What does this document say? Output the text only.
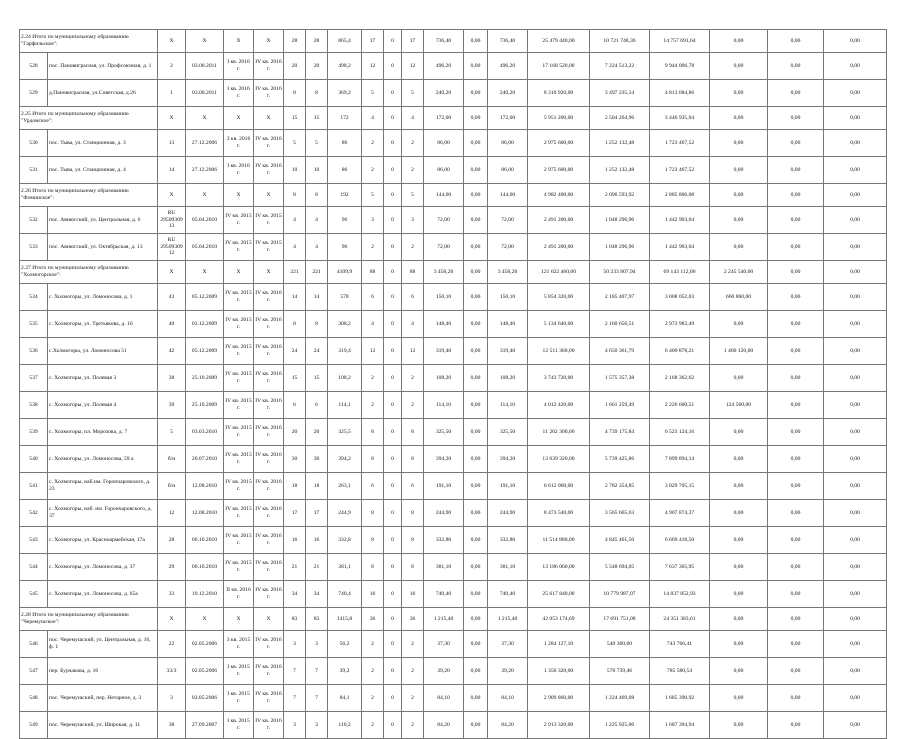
2.24 Итого по муниципальному образованию "Гарфильское":		X	X	X	X	28	28	865,4	17	0	17	736,40	0,00	736,40	25 479 440,00	10 721 748,36	14 757 691,64	0,00	0,00	0,00
528	пос. Пановиграсная, ул. Профсоюзная, д. 1	2	03.08.2011	I кв. 2016 г.	IV кв. 2016 г.	20	20	498,2	12	0	12	496,20	0,00	496,20	17 168 520,00	7 224 513,22	9 944 006,78	0,00	0,00	0,00
529	д.Пановиграсная, ул.Советская, д.26	1	03.08.2011	I кв. 2016 г.	IV кв. 2016 г.	8	8	369,2	5	0	5	240,20	0,00	240,20	8 310 920,00	3 497 235,14	4 813 684,86	0,00	0,00	0,00
2.25 Итого по муниципальному образованию "Урдомское":		X	X	X	X	15	15	172	4	0	4	172,00	0,00	172,00	5 951 200,00	2 504 264,96	3 446 935,04	0,00	0,00	0,00
530	пос. Тыва, ул. Станционная, д. 3	13	27.12.2006	3 кв. 2016 г.	IV кв. 2016 г.	5	5	86	2	0	2	86,00	0,00	86,00	2 975 600,00	1 252 132,48	1 723 467,52	0,00	0,00	0,00
531	пос. Тыва, ул. Станционная, д. 4	14	27.12.2006	I кв. 2016 г.	IV кв. 2016 г.	10	10	86	2	0	2	86,00	0,00	86,00	2 975 600,00	1 252 132,48	1 723 467,52	0,00	0,00	0,00
2.26 Итого по муниципальному образованию "Фоминское":		X	X	X	X	8	8	192	5	0	5	144,00	0,00	144,00	4 982 400,00	2 096 593,92	2 885 806,08	0,00	0,00	0,00
532	пос. Авнюгский, ул. Центральная, д. 6	RU 29509309 13	05.04.2010	IV кв. 2015 г.	IV кв. 2015 г.	4	4	96	3	0	3	72,00	0,00	72,00	2 491 200,00	1 048 296,96	1 442 903,04	0,00	0,00	0,00
533	пос. Авнюгский, ул. Октябрьская, д. 13	RU 29509309 12	05.04.2010	IV кв. 2015 г.	IV кв. 2015 г.	4	4	96	2	0	2	72,00	0,00	72,00	2 491 200,00	1 048 296,96	1 442 903,04	0,00	0,00	0,00
2.27 Итого по муниципальному образованию "Холмогорское":		X	X	X	X	221	221	4109,9	88	0	88	3 450,20	0,00	3 450,20	121 622 460,00	50 233 807,94	69 143 112,06	2 245 540,00	0,00	0,00
534	с. Холмогоры, ул. Ломоносова, д. 1	43	05.12.2009	IV кв. 2015 г.	IV кв. 2016 г.	14	14	578	6	0	6	150,10	0,00	150,10	5 854 320,00	2 185 407,97	3 008 052,03	660 860,00	0,00	0,00
535	с. Холмогоры, ул. Третьякова, д. 16	40	03.12.2009	IV кв. 2015 г.	IV кв. 2016 г.	8	8	308,2	4	0	4	148,40	0,00	148,40	5 134 640,00	2 160 656,51	2 973 983,49	0,00	0,00	0,00
536	с.Холмогоры, ул. Ломоносова 51	42	05.12.2009	IV кв. 2015 г.	IV кв. 2016 г.	24	24	319,4	12	0	12	319,40	0,00	319,40	12 511 360,00	4 650 361,79	6 400 878,21	1 460 120,00	0,00	0,00
537	с. Холмогоры, ул. Полевая 3	38	25.10.2009	IV кв. 2015 г.	IV кв. 2016 г.	15	15	108,2	2	0	2	108,20	0,00	108,20	3 743 720,00	1 575 357,38	2 168 362,62	0,00	0,00	0,00
538	с. Холмогоры, ул. Полевая 4	39	25.10.2009	IV кв. 2015 г.	IV кв. 2016 г.	6	6	114,1	2	0	2	114,10	0,00	114,10	4 012 420,00	1 661 259,49	2 226 600,51	124 560,00	0,00	0,00
539	с. Холмогоры, пл. Морозова, д. 7	5	03.03.2010	IV кв. 2015 г.	IV кв. 2016 г.	20	20	325,5	8	0	8	325,50	0,00	325,50	11 262 300,00	4 739 175,84	6 523 124,16	0,00	0,00	0,00
540	с. Холмогоры, ул. Ломоносова, 59 а	б/н	20.07.2010	IV кв. 2015 г.	IV кв. 2016 г.	30	30	394,2	8	0	8	394,20	0,00	394,20	13 639 320,00	5 739 425,86	7 899 894,14	0,00	0,00	0,00
541	с. Холмогоры, наб.им. Горончаровского, д. 23	б/н	12.08.2010	IV кв. 2015 г.	IV кв. 2016 г.	18	18	263,1	6	0	6	191,10	0,00	191,10	6 612 060,00	2 782 354,85	3 829 705,15	0,00	0,00	0,00
542	с. Холмогоры, наб. им. Горончаровского, д. 37	12	12.08.2010	IV кв. 2015 г.	IV кв. 2016 г.	17	17	244,9	8	0	8	244,90	0,00	244,90	8 473 540,00	3 565 665,63	4 907 874,37	0,00	0,00	0,00
543	с. Холмогоры, ул. Красноармейская, 17а	28	06.10.2010	IV кв. 2015 г.	IV кв. 2016 г.	16	16	332,8	8	0	8	332,80	0,00	332,80	11 514 880,00	4 845 461,50	6 669 418,50	0,00	0,00	0,00
544	с. Холмогоры, ул. Ломоносова, д. 37	29	06.10.2010	IV кв. 2015 г.	IV кв. 2016 г.	21	21	381,1	8	0	8	381,10	0,00	381,10	13 186 060,00	5 548 694,05	7 637 365,95	0,00	0,00	0,00
545	с. Холмогоры, ул. Ломоносова, д. 65а	33	10.12.2010	II кв. 2016 г.	IV кв. 2016 г.	34	34	740,4	16	0	16	740,40	0,00	740,40	25 617 840,00	10 779 987,07	14 837 852,93	0,00	0,00	0,00
2.28 Итого по муниципальному образованию "Черемушское":		X	X	X	X	83	83	1415,8	36	0	36	1 215,40	0,00	1 215,40	42 053 174,69	17 691 751,08	24 351 383,61	0,00	0,00	0,00
546	пос. Черемушский, ул. Центральная, д. 16, ф. 1	22	02.05.2006	3 кв. 2015 г.	IV кв. 2016 г.	3	3	56,2	2	0	2	37,30	0,00	37,30	1 284 127,10	540 360,60	743 766,41	0,00	0,00	0,00
547	пер. Бурчакова, д. 16	33/3	02.05.2006	I кв. 2015 г.	IV кв. 2016 г.	7	7	39,2	2	0	2	39,20	0,00	39,20	1 356 320,00	570 739,46	785 580,54	0,00	0,00	0,00
548	пос. Черемушский, пер. Нетарное, д. 3	3	02.05.2006	I кв. 2015 г.	IV кв. 2016 г.	7	7	84,1	2	0	2	84,10	0,00	84,10	2 909 860,00	1 224 469,08	1 685 390,92	0,00	0,00	0,00
549	пос. Черемушский, ул. Широкая, д. 11	38	27.09.2007	I кв. 2015 г.	IV кв. 2016 г.	3	3	110,2	2	0	2	84,20	0,00	84,20	2 913 320,00	1 225 925,06	1 687 394,94	0,00	0,00	0,00
